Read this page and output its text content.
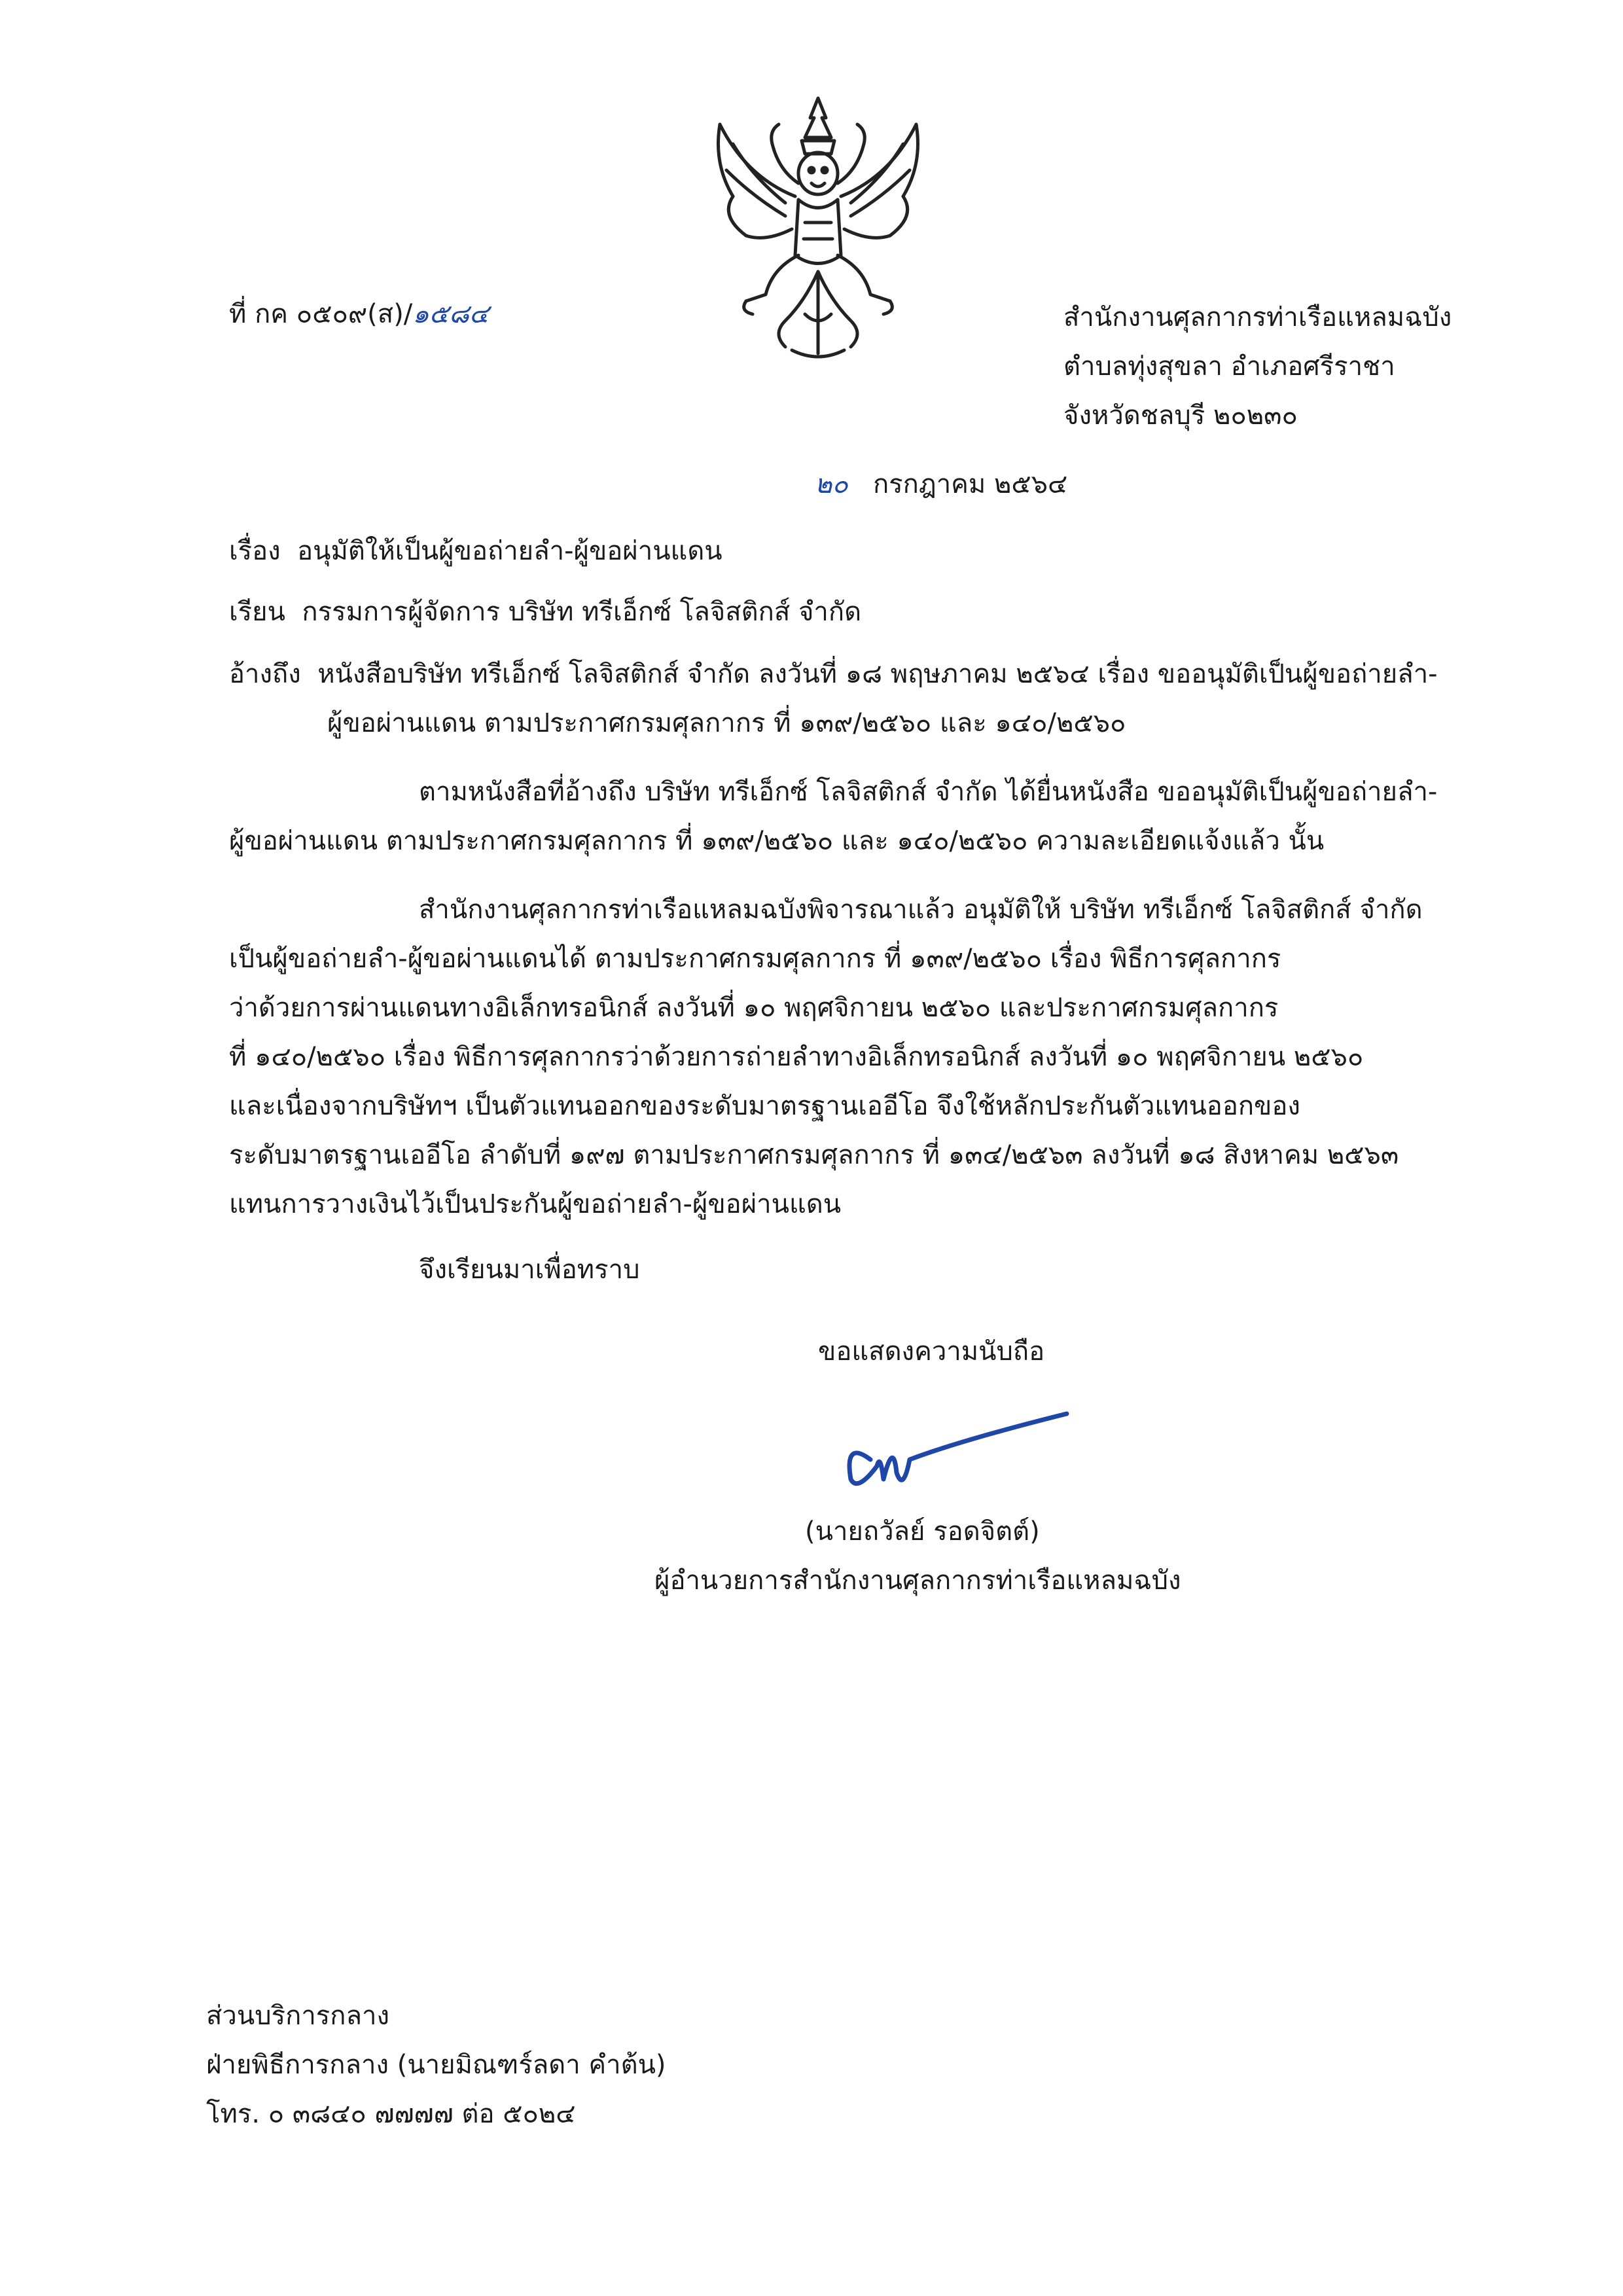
ที่ กค ๐๕๐๙(ส)/๑๕๘๔	สำนักงานศุลกากรท่าเรือแหลมฉบัง
ตำบลทุ่งสุขลา อำเภอศรีราชา
จังหวัดชลบุรี ๒๐๒๓๐
๒๐ กรกฎาคม ๒๕๖๔
เรื่อง อนุมัติให้เป็นผู้ขอถ่ายลำ-ผู้ขอผ่านแดน
เรียน กรรมการผู้จัดการ บริษัท ทรีเอ็กซ์ โลจิสติกส์ จำกัด
อ้างถึง หนังสือบริษัท ทรีเอ็กซ์ โลจิสติกส์ จำกัด ลงวันที่ ๑๘ พฤษภาคม ๒๕๖๔ เรื่อง ขออนุมัติเป็นผู้ขอถ่ายลำ-
ผู้ขอผ่านแดน ตามประกาศกรมศุลกากร ที่ ๑๓๙/๒๕๖๐ และ ๑๔๐/๒๕๖๐
ตามหนังสือที่อ้างถึง บริษัท ทรีเอ็กซ์ โลจิสติกส์ จำกัด ได้ยื่นหนังสือ ขออนุมัติเป็นผู้ขอถ่ายลำ-
ผู้ขอผ่านแดน ตามประกาศกรมศุลกากร ที่ ๑๓๙/๒๕๖๐ และ ๑๔๐/๒๕๖๐ ความละเอียดแจ้งแล้ว นั้น
สำนักงานศุลกากรท่าเรือแหลมฉบังพิจารณาแล้ว อนุมัติให้ บริษัท ทรีเอ็กซ์ โลจิสติกส์ จำกัด
เป็นผู้ขอถ่ายลำ-ผู้ขอผ่านแดนได้ ตามประกาศกรมศุลกากร ที่ ๑๓๙/๒๕๖๐ เรื่อง พิธีการศุลกากร
ว่าด้วยการผ่านแดนทางอิเล็กทรอนิกส์ ลงวันที่ ๑๐ พฤศจิกายน ๒๕๖๐ และประกาศกรมศุลกากร
ที่ ๑๔๐/๒๕๖๐ เรื่อง พิธีการศุลกากรว่าด้วยการถ่ายลำทางอิเล็กทรอนิกส์ ลงวันที่ ๑๐ พฤศจิกายน ๒๕๖๐
และเนื่องจากบริษัทฯ เป็นตัวแทนออกของระดับมาตรฐานเออีโอ จึงใช้หลักประกันตัวแทนออกของ
ระดับมาตรฐานเออีโอ ลำดับที่ ๑๙๗ ตามประกาศกรมศุลกากร ที่ ๑๓๔/๒๕๖๓ ลงวันที่ ๑๘ สิงหาคม ๒๕๖๓
แทนการวางเงินไว้เป็นประกันผู้ขอถ่ายลำ-ผู้ขอผ่านแดน
จึงเรียนมาเพื่อทราบ
ขอแสดงความนับถือ
(นายถวัลย์ รอดจิตต์)
ผู้อำนวยการสำนักงานศุลกากรท่าเรือแหลมฉบัง
ส่วนบริการกลาง
ฝ่ายพิธีการกลาง (นายมิณฑร์ลดา คำต้น)
โทร. ๐ ๓๘๔๐ ๗๗๗๗ ต่อ ๕๐๒๔
